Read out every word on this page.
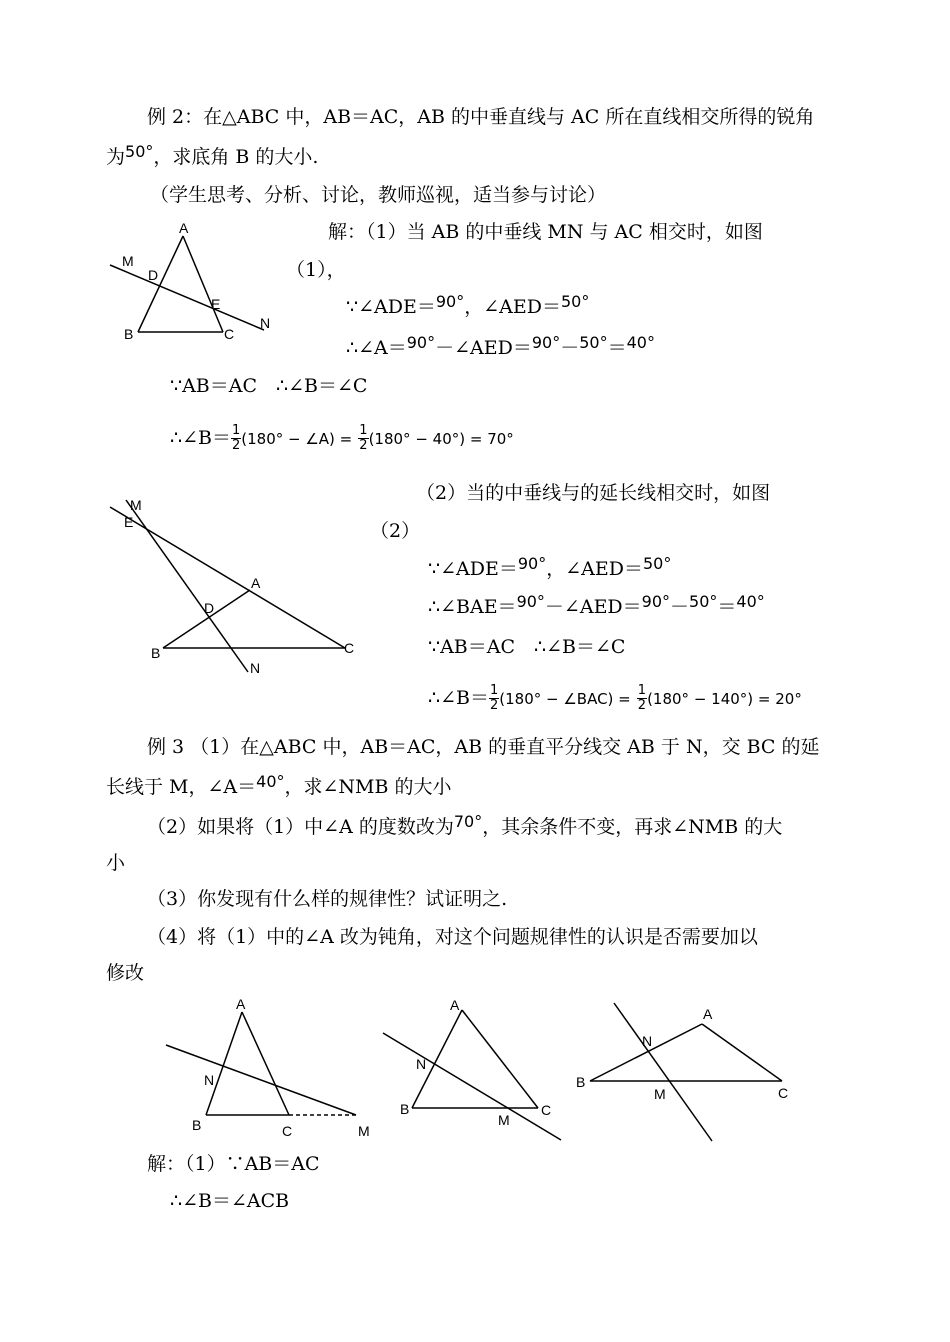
例 2：在△ABC 中，AB＝AC，AB 的中垂直线与 AC 所在直线相交所得的锐角
为$^{50^\circ}$，求底角 B 的大小.
（学生思考、分析、讨论，教师巡视，适当参与讨论）
解：（1）当 AB 的中垂线 MN 与 AC 相交时，如图
（1），
∵∠ADE＝$^{90^\circ}$，∠AED＝$^{50^\circ}$
∴∠A＝$^{90^\circ}$－∠AED＝$^{90^\circ}$－$^{50^\circ}$＝$^{40^\circ}$
∵AB＝AC　∴∠B＝∠C
∴∠B＝ $\frac{1}{2} (180^\circ$ − ∠A) = $\frac{1}{2} (180^\circ - 40^\circ) = 70^\circ$
A
M
D
E
B	C
N
（2）当的中垂线与的延长线相交时，如图
（2）
∵∠ADE＝$^{90^\circ}$，∠AED＝$^{50^\circ}$
∴∠BAE＝$^{90^\circ}$－∠AED＝$^{90^\circ}$－$^{50^\circ}$＝$^{40^\circ}$
∵AB＝AC　∴∠B＝∠C
∴∠B＝ $\frac{1}{2} (180^\circ$ − ∠BAC) = $\frac{1}{2} (180^\circ - 140^\circ) = 20^\circ$
M
E
A
D
B	C
N
例 3 （1）在△ABC 中，AB＝AC，AB 的垂直平分线交 AB 于 N，交 BC 的延
长线于 M，∠A＝$^{40^\circ}$，求∠NMB 的大小
（2）如果将（1）中∠A 的度数改为$^{70^\circ}$，其余条件不变，再求∠NMB 的大
小
（3）你发现有什么样的规律性？试证明之.
（4）将（1）中的∠A 改为钝角，对这个问题规律性的认识是否需要加以
修改
A
N
B	C	M
A
N
B
M
C
A
N
B
M	C
解：（1）∵AB＝AC
∴∠B＝∠ACB
